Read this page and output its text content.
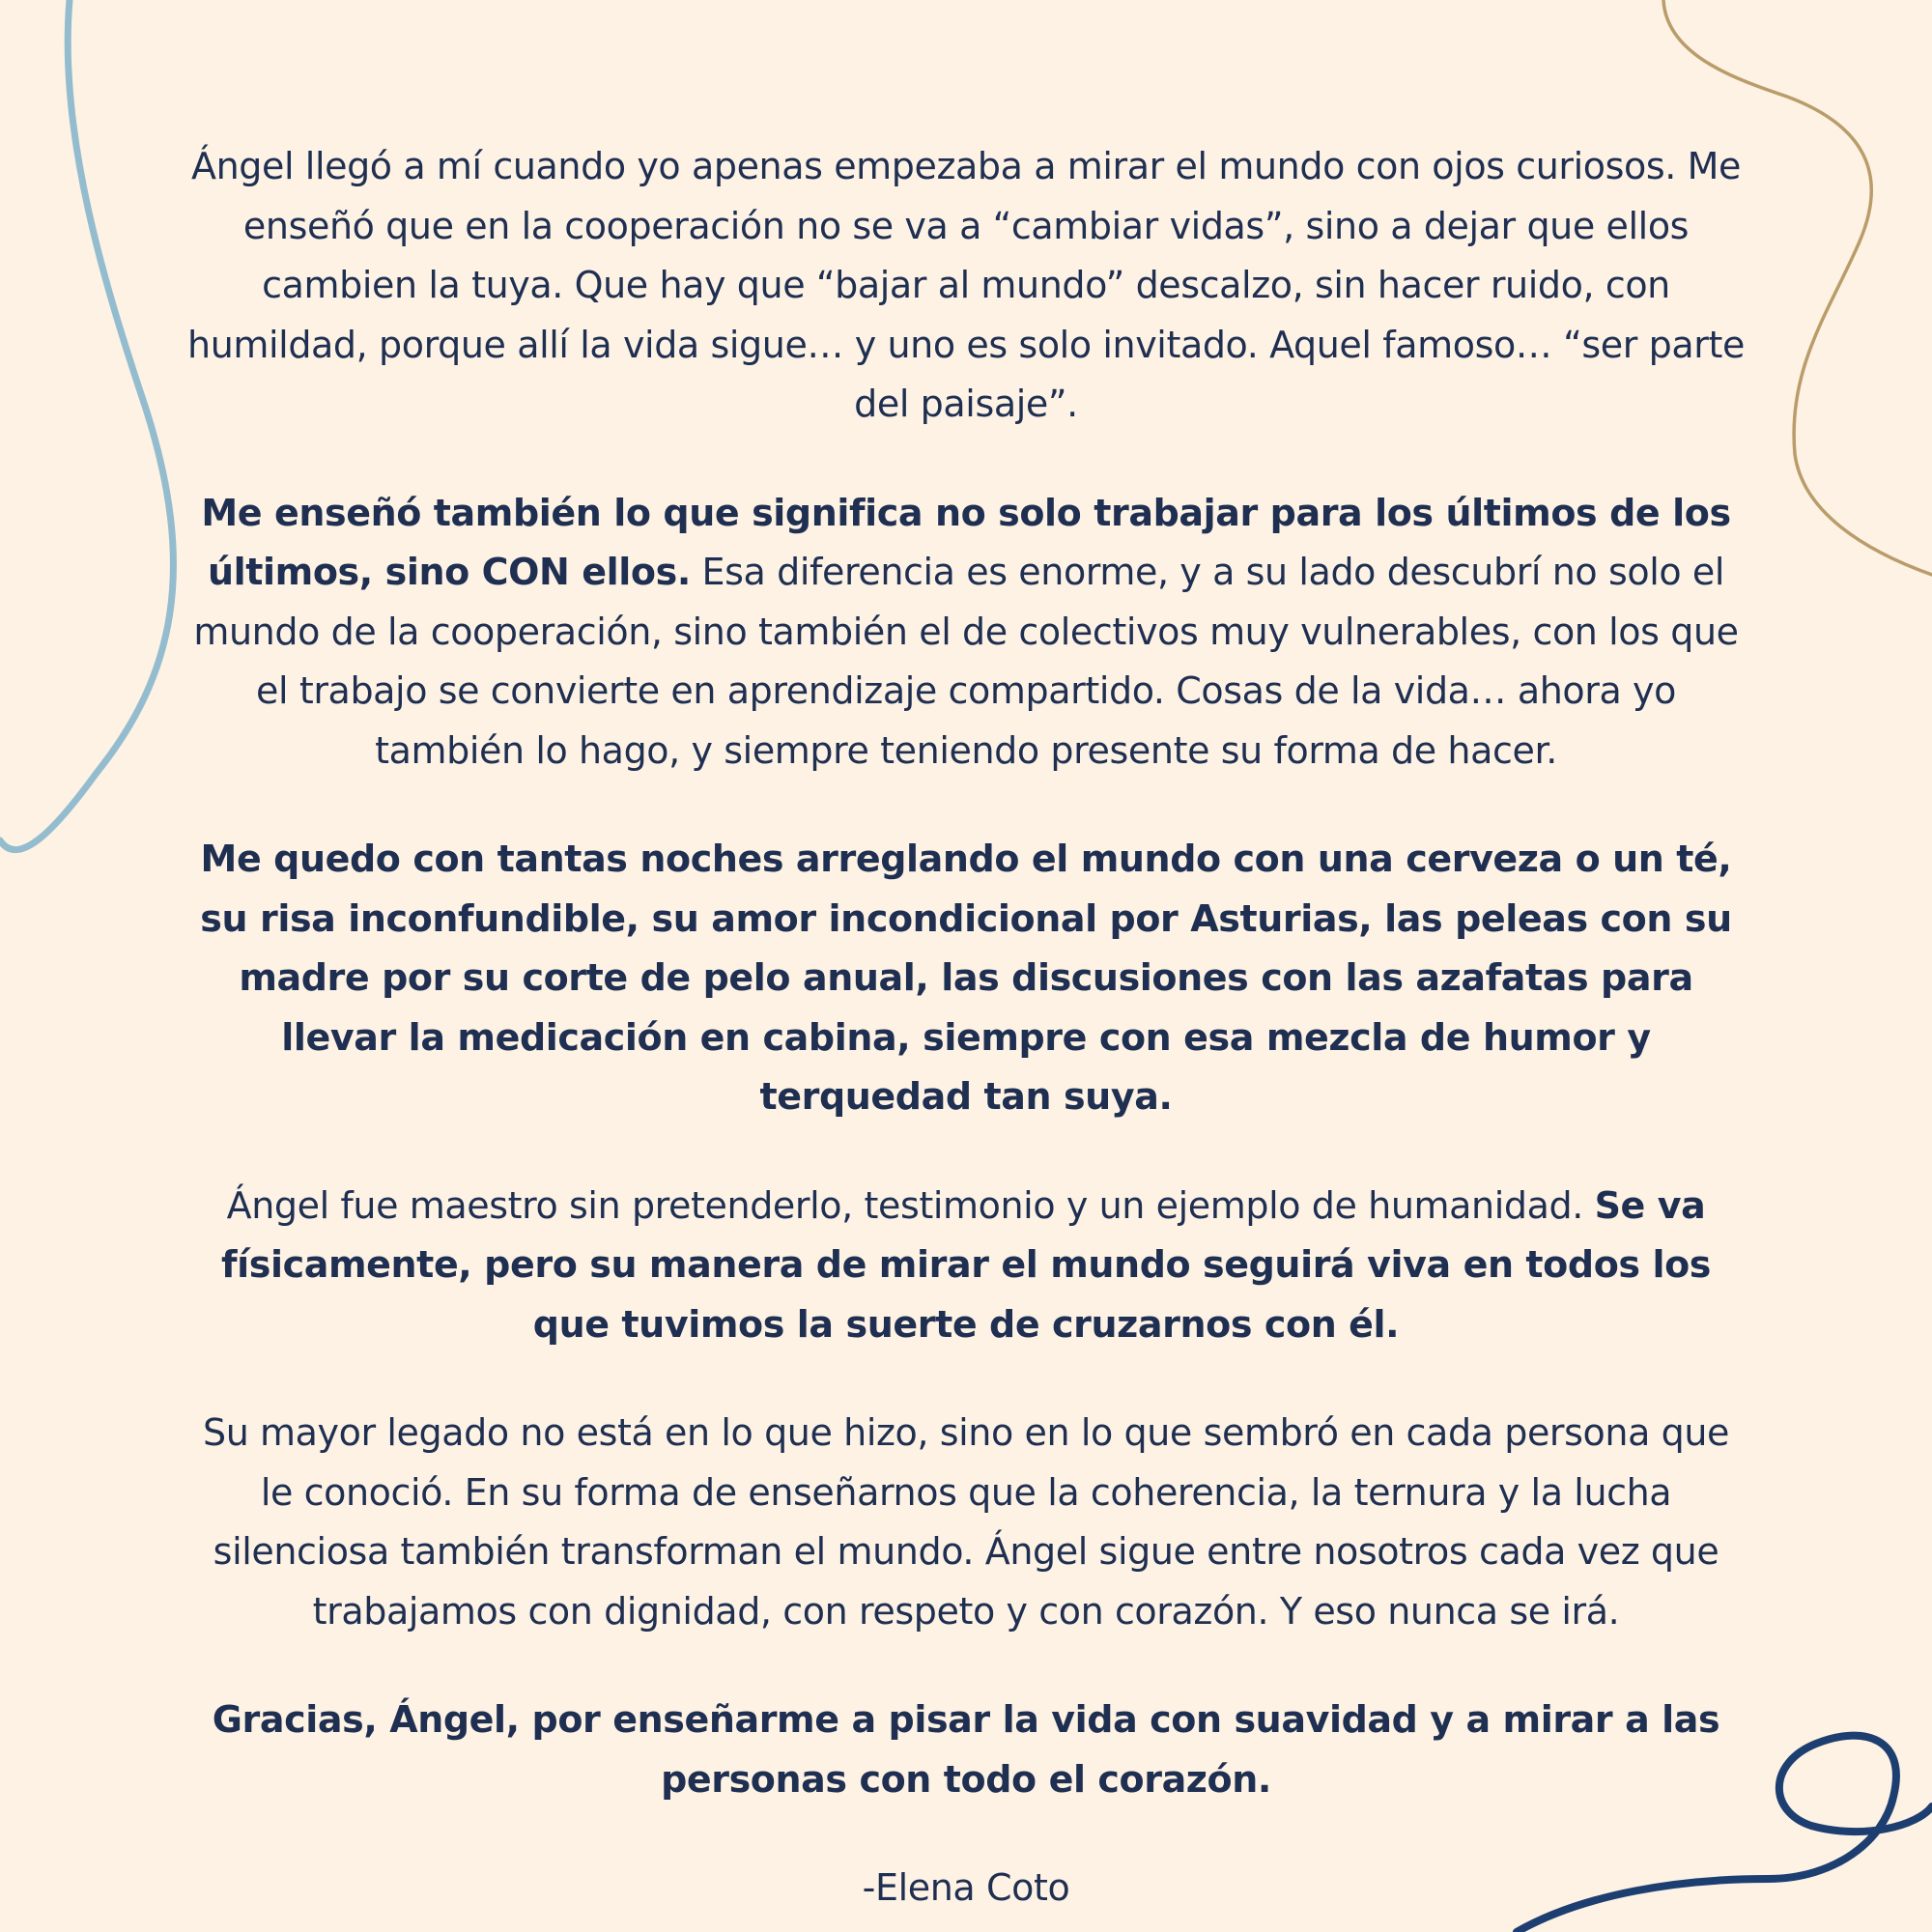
Ángel llegó a mí cuando yo apenas empezaba a mirar el mundo con ojos curiosos. Me enseñó que en la cooperación no se va a “cambiar vidas”, sino a dejar que ellos cambien la tuya. Que hay que “bajar al mundo” descalzo, sin hacer ruido, con humildad, porque allí la vida sigue… y uno es solo invitado. Aquel famoso… “ser parte del paisaje”.

Me enseñó también lo que significa no solo trabajar para los últimos de los últimos, sino CON ellos. Esa diferencia es enorme, y a su lado descubrí no solo el mundo de la cooperación, sino también el de colectivos muy vulnerables, con los que el trabajo se convierte en aprendizaje compartido. Cosas de la vida… ahora yo también lo hago, y siempre teniendo presente su forma de hacer.

Me quedo con tantas noches arreglando el mundo con una cerveza o un té, su risa inconfundible, su amor incondicional por Asturias, las peleas con su madre por su corte de pelo anual, las discusiones con las azafatas para llevar la medicación en cabina, siempre con esa mezcla de humor y terquedad tan suya.

Ángel fue maestro sin pretenderlo, testimonio y un ejemplo de humanidad. Se va físicamente, pero su manera de mirar el mundo seguirá viva en todos los que tuvimos la suerte de cruzarnos con él.

Su mayor legado no está en lo que hizo, sino en lo que sembró en cada persona que le conoció. En su forma de enseñarnos que la coherencia, la ternura y la lucha silenciosa también transforman el mundo. Ángel sigue entre nosotros cada vez que trabajamos con dignidad, con respeto y con corazón. Y eso nunca se irá.

Gracias, Ángel, por enseñarme a pisar la vida con suavidad y a mirar a las personas con todo el corazón.

-Elena Coto
